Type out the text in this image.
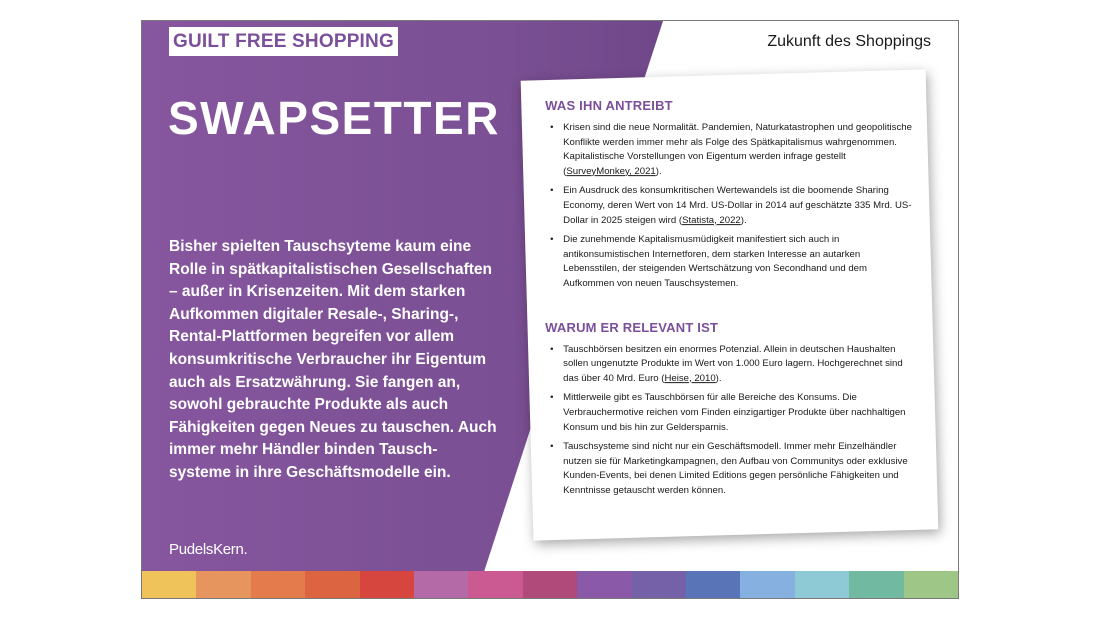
GUILT FREE SHOPPING
SWAPSETTER
Bisher spielten Tauschsyteme kaum eine Rolle in spätkapitalistischen Gesellschaften – außer in Krisenzeiten. Mit dem starken Aufkommen digitaler Resale-, Sharing-, Rental-Plattformen begreifen vor allem konsumkritische Verbraucher ihr Eigentum auch als Ersatzwährung. Sie fangen an, sowohl gebrauchte Produkte als auch Fähigkeiten gegen Neues zu tauschen. Auch immer mehr Händler binden Tausch-systeme in ihre Geschäftsmodelle ein.
PudelsKern.
Zukunft des Shoppings
WAS IHN ANTREIBT
• Krisen sind die neue Normalität. Pandemien, Naturkatastrophen und geopolitische Konflikte werden immer mehr als Folge des Spätkapitalismus wahrgenommen. Kapitalistische Vorstellungen von Eigentum werden infrage gestellt (SurveyMonkey, 2021).
• Ein Ausdruck des konsumkritischen Wertewandels ist die boomende Sharing Economy, deren Wert von 14 Mrd. US-Dollar in 2014 auf geschätzte 335 Mrd. US-Dollar in 2025 steigen wird (Statista, 2022).
• Die zunehmende Kapitalismusmüdigkeit manifestiert sich auch in antikonsumistischen Internetforen, dem starken Interesse an autarken Lebensstilen, der steigenden Wertschätzung von Secondhand und dem Aufkommen von neuen Tauschsystemen.
WARUM ER RELEVANT IST
• Tauschbörsen besitzen ein enormes Potenzial. Allein in deutschen Haushalten sollen ungenutzte Produkte im Wert von 1.000 Euro lagern. Hochgerechnet sind das über 40 Mrd. Euro (Heise, 2010).
• Mittlerweile gibt es Tauschbörsen für alle Bereiche des Konsums. Die Verbrauchermotive reichen vom Finden einzigartiger Produkte über nachhaltigen Konsum und bis hin zur Geldersparnis.
• Tauschsysteme sind nicht nur ein Geschäftsmodell. Immer mehr Einzelhändler nutzen sie für Marketingkampagnen, den Aufbau von Communitys oder exklusive Kunden-Events, bei denen Limited Editions gegen persönliche Fähigkeiten und Kenntnisse getauscht werden können.
